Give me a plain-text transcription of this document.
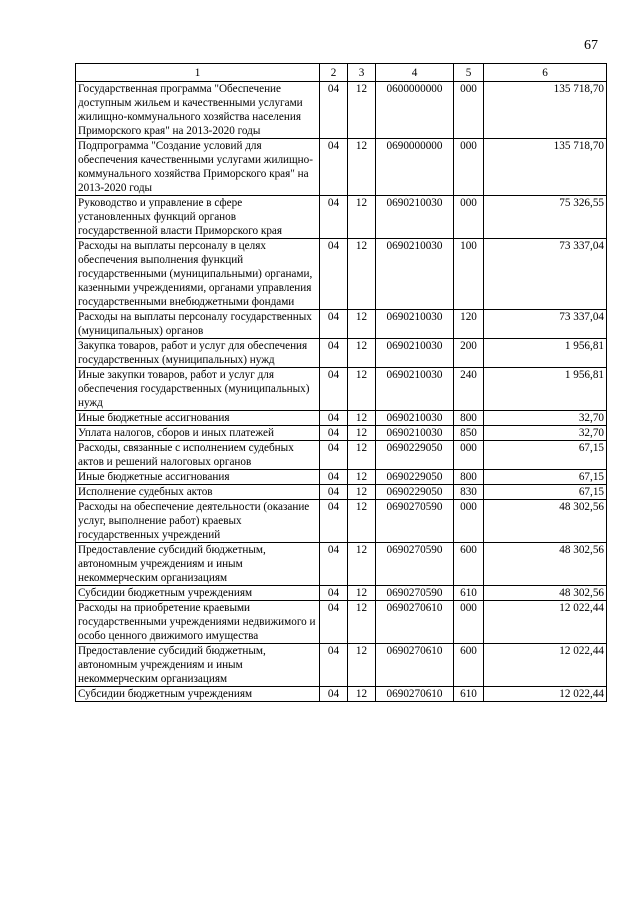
67
1	2	3	4	5	6
Государственная программа "Обеспечение доступным жильем и качественными услугами жилищно-коммунального хозяйства населения Приморского края" на 2013-2020 годы	04	12	0600000000	000	135 718,70
Подпрограмма "Создание условий для обеспечения качественными услугами жилищно-коммунального хозяйства Приморского края" на 2013-2020 годы	04	12	0690000000	000	135 718,70
Руководство и управление в сфере установленных функций органов государственной власти Приморского края	04	12	0690210030	000	75 326,55
Расходы на выплаты персоналу в целях обеспечения выполнения функций государственными (муниципальными) органами, казенными учреждениями, органами управления государственными внебюджетными фондами	04	12	0690210030	100	73 337,04
Расходы на выплаты персоналу государственных (муниципальных) органов	04	12	0690210030	120	73 337,04
Закупка товаров, работ и услуг для обеспечения государственных (муниципальных) нужд	04	12	0690210030	200	1 956,81
Иные закупки товаров, работ и услуг для обеспечения государственных (муниципальных) нужд	04	12	0690210030	240	1 956,81
Иные бюджетные ассигнования	04	12	0690210030	800	32,70
Уплата налогов, сборов и иных платежей	04	12	0690210030	850	32,70
Расходы, связанные с исполнением судебных актов и решений налоговых органов	04	12	0690229050	000	67,15
Иные бюджетные ассигнования	04	12	0690229050	800	67,15
Исполнение судебных актов	04	12	0690229050	830	67,15
Расходы на обеспечение деятельности (оказание услуг, выполнение работ) краевых государственных учреждений	04	12	0690270590	000	48 302,56
Предоставление субсидий бюджетным, автономным учреждениям и иным некоммерческим организациям	04	12	0690270590	600	48 302,56
Субсидии бюджетным учреждениям	04	12	0690270590	610	48 302,56
Расходы на приобретение краевыми государственными учреждениями недвижимого и особо ценного движимого имущества	04	12	0690270610	000	12 022,44
Предоставление субсидий бюджетным, автономным учреждениям и иным некоммерческим организациям	04	12	0690270610	600	12 022,44
Субсидии бюджетным учреждениям	04	12	0690270610	610	12 022,44
